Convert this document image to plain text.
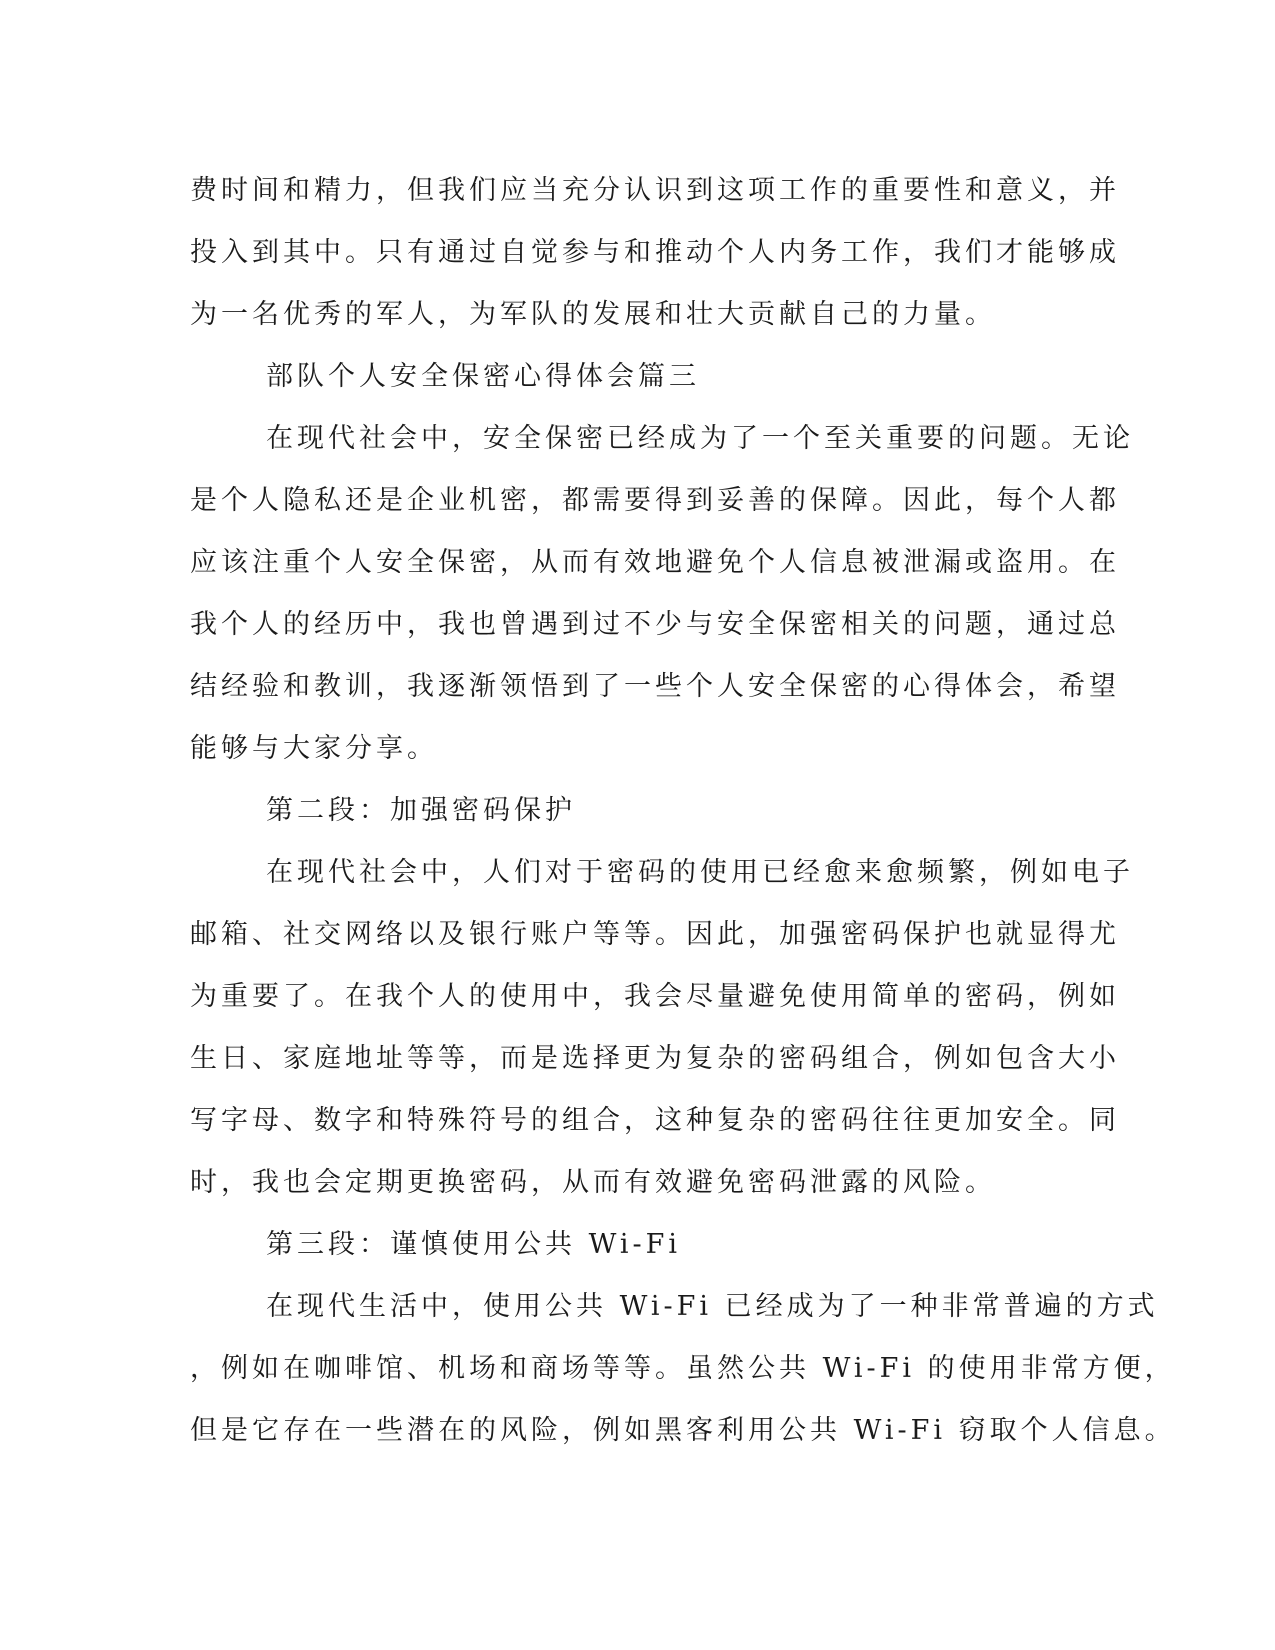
费时间和精力，但我们应当充分认识到这项工作的重要性和意义，并
投入到其中。只有通过自觉参与和推动个人内务工作，我们才能够成
为一名优秀的军人，为军队的发展和壮大贡献自己的力量。
部队个人安全保密心得体会篇三
在现代社会中，安全保密已经成为了一个至关重要的问题。无论
是个人隐私还是企业机密，都需要得到妥善的保障。因此，每个人都
应该注重个人安全保密，从而有效地避免个人信息被泄漏或盗用。在
我个人的经历中，我也曾遇到过不少与安全保密相关的问题，通过总
结经验和教训，我逐渐领悟到了一些个人安全保密的心得体会，希望
能够与大家分享。
第二段：加强密码保护
在现代社会中，人们对于密码的使用已经愈来愈频繁，例如电子
邮箱、社交网络以及银行账户等等。因此，加强密码保护也就显得尤
为重要了。在我个人的使用中，我会尽量避免使用简单的密码，例如
生日、家庭地址等等，而是选择更为复杂的密码组合，例如包含大小
写字母、数字和特殊符号的组合，这种复杂的密码往往更加安全。同
时，我也会定期更换密码，从而有效避免密码泄露的风险。
第三段：谨慎使用公共 Wi-Fi
在现代生活中，使用公共 Wi-Fi 已经成为了一种非常普遍的方式
，例如在咖啡馆、机场和商场等等。虽然公共 Wi-Fi 的使用非常方便，
但是它存在一些潜在的风险，例如黑客利用公共 Wi-Fi 窃取个人信息。
